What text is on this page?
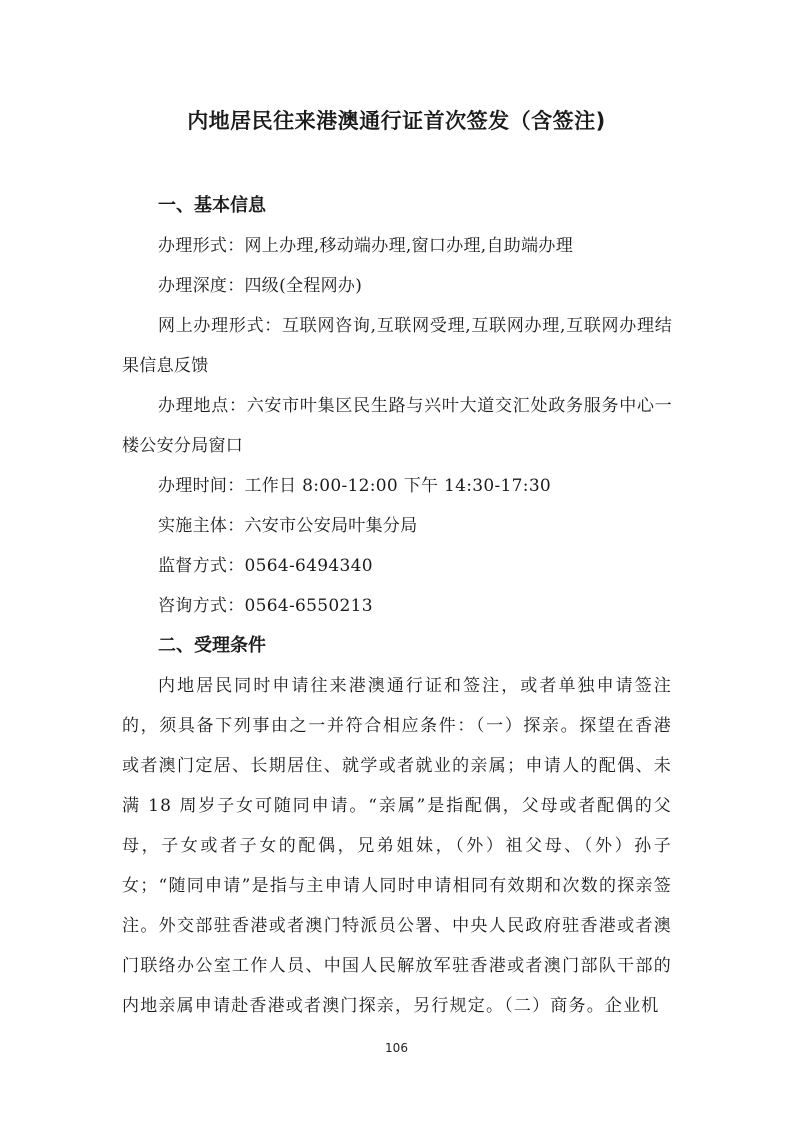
内地居民往来港澳通行证首次签发（含签注)

一、基本信息

办理形式：网上办理,移动端办理,窗口办理,自助端办理

办理深度：四级(全程网办)

网上办理形式：互联网咨询,互联网受理,互联网办理,互联网办理结果信息反馈

办理地点：六安市叶集区民生路与兴叶大道交汇处政务服务中心一楼公安分局窗口

办理时间：工作日 8:00-12:00 下午 14:30-17:30

实施主体：六安市公安局叶集分局

监督方式：0564-6494340

咨询方式：0564-6550213

二、受理条件

内地居民同时申请往来港澳通行证和签注，或者单独申请签注的，须具备下列事由之一并符合相应条件：（一）探亲。探望在香港或者澳门定居、长期居住、就学或者就业的亲属；申请人的配偶、未满 18 周岁子女可随同申请。“亲属”是指配偶，父母或者配偶的父母，子女或者子女的配偶，兄弟姐妹，（外）祖父母、（外）孙子女；“随同申请”是指与主申请人同时申请相同有效期和次数的探亲签注。外交部驻香港或者澳门特派员公署、中央人民政府驻香港或者澳门联络办公室工作人员、中国人民解放军驻香港或者澳门部队干部的内地亲属申请赴香港或者澳门探亲，另行规定。（二）商务。企业机

106
